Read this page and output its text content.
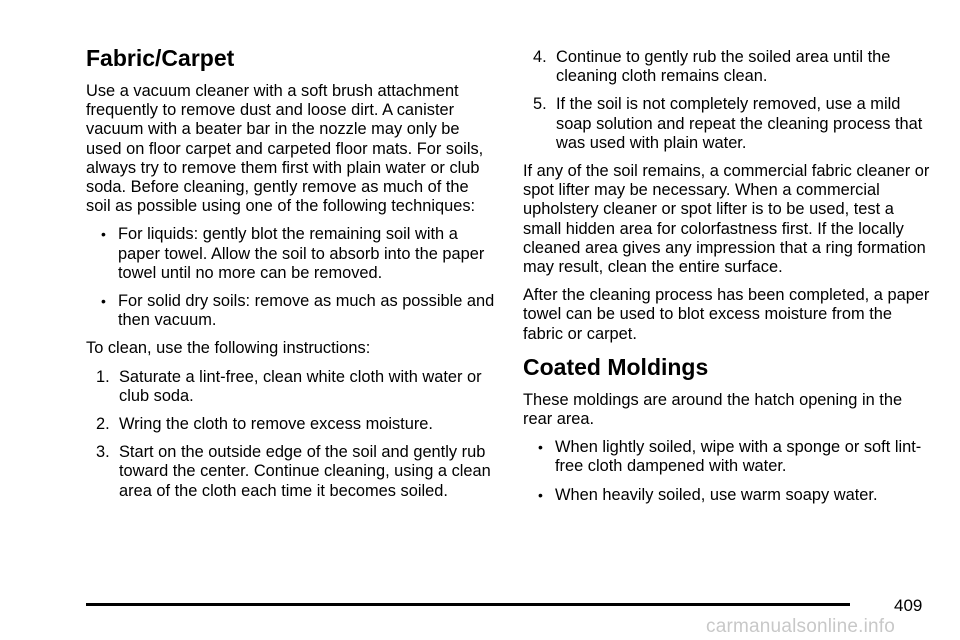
Fabric/Carpet

Use a vacuum cleaner with a soft brush attachment frequently to remove dust and loose dirt. A canister vacuum with a beater bar in the nozzle may only be used on floor carpet and carpeted floor mats. For soils, always try to remove them first with plain water or club soda. Before cleaning, gently remove as much of the soil as possible using one of the following techniques:

• For liquids: gently blot the remaining soil with a paper towel. Allow the soil to absorb into the paper towel until no more can be removed.
• For solid dry soils: remove as much as possible and then vacuum.

To clean, use the following instructions:

1. Saturate a lint-free, clean white cloth with water or club soda.
2. Wring the cloth to remove excess moisture.
3. Start on the outside edge of the soil and gently rub toward the center. Continue cleaning, using a clean area of the cloth each time it becomes soiled.
4. Continue to gently rub the soiled area until the cleaning cloth remains clean.
5. If the soil is not completely removed, use a mild soap solution and repeat the cleaning process that was used with plain water.

If any of the soil remains, a commercial fabric cleaner or spot lifter may be necessary. When a commercial upholstery cleaner or spot lifter is to be used, test a small hidden area for colorfastness first. If the locally cleaned area gives any impression that a ring formation may result, clean the entire surface.

After the cleaning process has been completed, a paper towel can be used to blot excess moisture from the fabric or carpet.

Coated Moldings

These moldings are around the hatch opening in the rear area.

• When lightly soiled, wipe with a sponge or soft lint-free cloth dampened with water.
• When heavily soiled, use warm soapy water.
409
carmanualsonline.info
